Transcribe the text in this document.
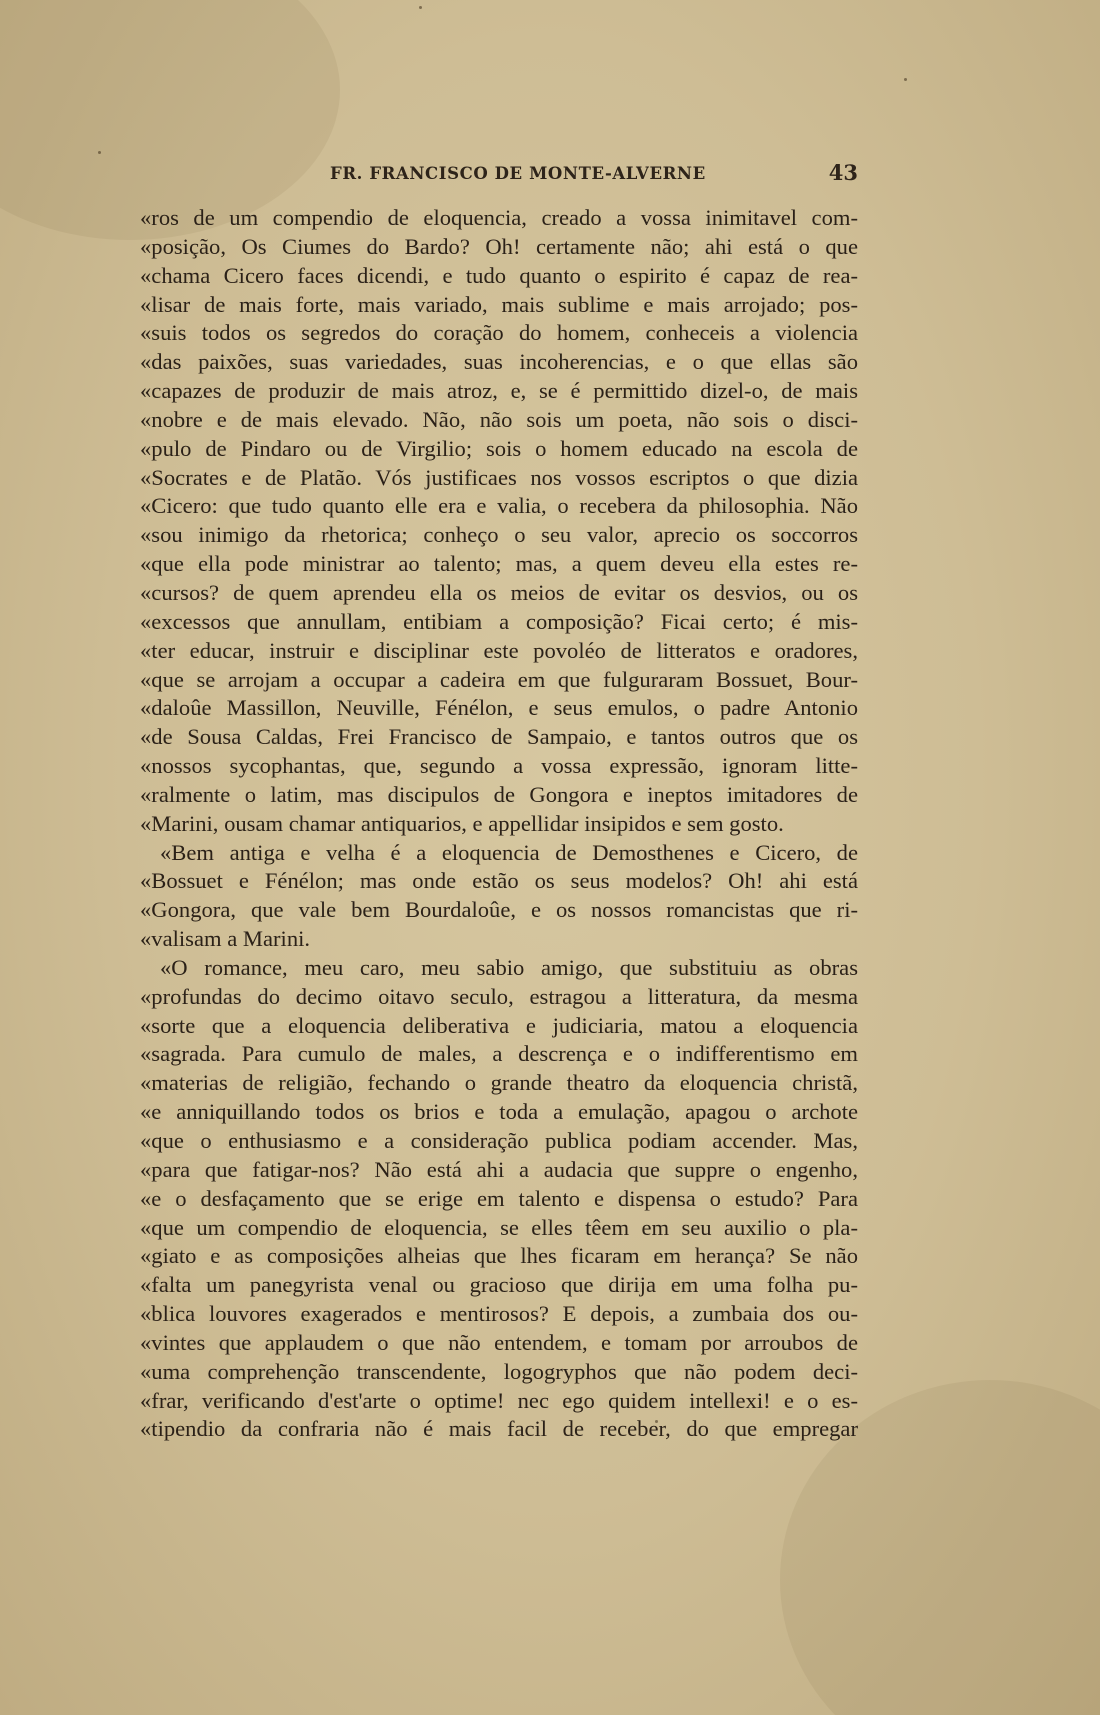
FR. FRANCISCO DE MONTE-ALVERNE	43
«ros de um compendio de eloquencia, creado a vossa inimitavel com-
«posição, Os Ciumes do Bardo? Oh! certamente não; ahi está o que
«chama Cicero faces dicendi, e tudo quanto o espirito é capaz de rea-
«lisar de mais forte, mais variado, mais sublime e mais arrojado; pos-
«suis todos os segredos do coração do homem, conheceis a violencia
«das paixões, suas variedades, suas incoherencias, e o que ellas são
«capazes de produzir de mais atroz, e, se é permittido dizel-o, de mais
«nobre e de mais elevado. Não, não sois um poeta, não sois o disci-
«pulo de Pindaro ou de Virgilio; sois o homem educado na escola de
«Socrates e de Platão. Vós justificaes nos vossos escriptos o que dizia
«Cicero: que tudo quanto elle era e valia, o recebera da philosophia. Não
«sou inimigo da rhetorica; conheço o seu valor, aprecio os soccorros
«que ella pode ministrar ao talento; mas, a quem deveu ella estes re-
«cursos? de quem aprendeu ella os meios de evitar os desvios, ou os
«excessos que annullam, entibiam a composição? Ficai certo; é mis-
«ter educar, instruir e disciplinar este povoléo de litteratos e oradores,
«que se arrojam a occupar a cadeira em que fulguraram Bossuet, Bour-
«daloûe Massillon, Neuville, Fénélon, e seus emulos, o padre Antonio
«de Sousa Caldas, Frei Francisco de Sampaio, e tantos outros que os
«nossos sycophantas, que, segundo a vossa expressão, ignoram litte-
«ralmente o latim, mas discipulos de Gongora e ineptos imitadores de
«Marini, ousam chamar antiquarios, e appellidar insipidos e sem gosto.
«Bem antiga e velha é a eloquencia de Demosthenes e Cicero, de
«Bossuet e Fénélon; mas onde estão os seus modelos? Oh! ahi está
«Gongora, que vale bem Bourdaloûe, e os nossos romancistas que ri-
«valisam a Marini.
«O romance, meu caro, meu sabio amigo, que substituiu as obras
«profundas do decimo oitavo seculo, estragou a litteratura, da mesma
«sorte que a eloquencia deliberativa e judiciaria, matou a eloquencia
«sagrada. Para cumulo de males, a descrença e o indifferentismo em
«materias de religião, fechando o grande theatro da eloquencia christã,
«e anniquillando todos os brios e toda a emulação, apagou o archote
«que o enthusiasmo e a consideração publica podiam accender. Mas,
«para que fatigar-nos? Não está ahi a audacia que suppre o engenho,
«e o desfaçamento que se erige em talento e dispensa o estudo? Para
«que um compendio de eloquencia, se elles têem em seu auxilio o pla-
«giato e as composições alheias que lhes ficaram em herança? Se não
«falta um panegyrista venal ou gracioso que dirija em uma folha pu-
«blica louvores exagerados e mentirosos? E depois, a zumbaia dos ou-
«vintes que applaudem o que não entendem, e tomam por arroubos de
«uma comprehenção transcendente, logogryphos que não podem deci-
«frar, verificando d'est'arte o optime! nec ego quidem intellexi! e o es-
«tipendio da confraria não é mais facil de receber, do que empregar
